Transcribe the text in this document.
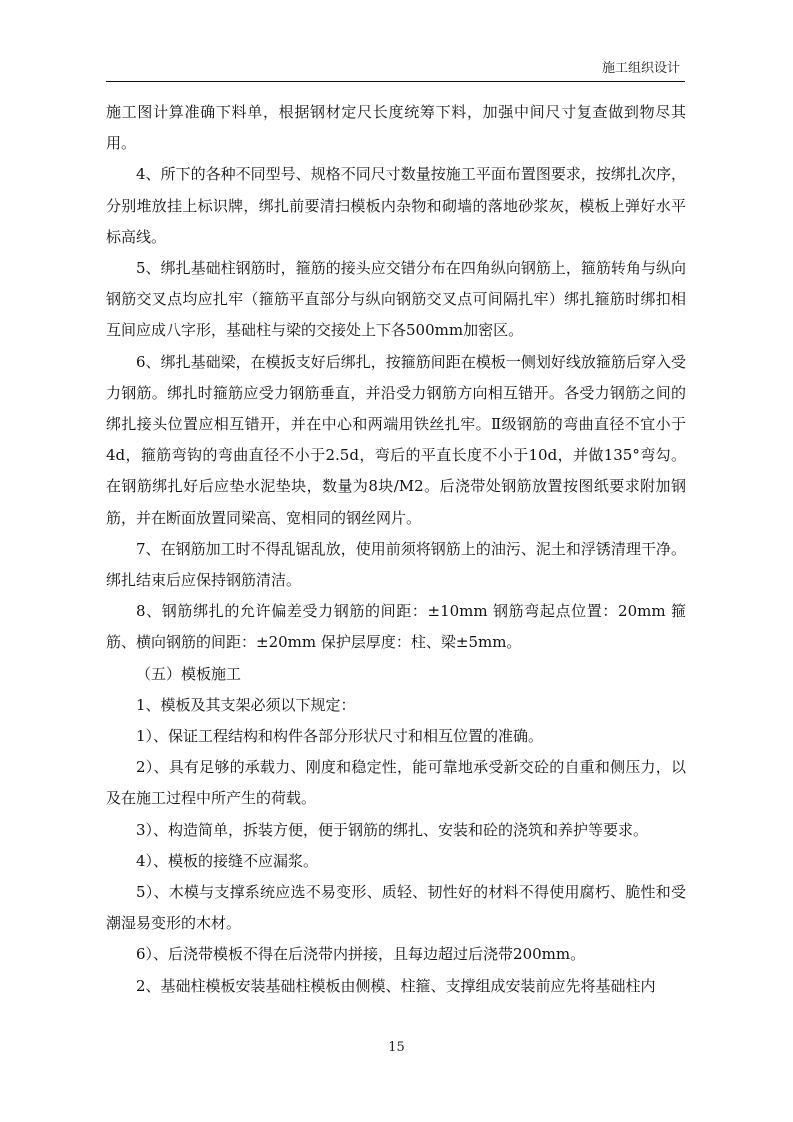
施工组织设计

施工图计算准确下料单，根据钢材定尺长度统筹下料，加强中间尺寸复查做到物尽其用。

4、所下的各种不同型号、规格不同尺寸数量按施工平面布置图要求，按绑扎次序，分别堆放挂上标识牌，绑扎前要清扫模板内杂物和砌墙的落地砂浆灰，模板上弹好水平标高线。

5、绑扎基础柱钢筋时，箍筋的接头应交错分布在四角纵向钢筋上，箍筋转角与纵向钢筋交叉点均应扎牢（箍筋平直部分与纵向钢筋交叉点可间隔扎牢）绑扎箍筋时绑扣相互间应成八字形，基础柱与梁的交接处上下各500mm加密区。

6、绑扎基础梁，在模扳支好后绑扎，按箍筋间距在模板一侧划好线放箍筋后穿入受力钢筋。绑扎时箍筋应受力钢筋垂直，并沿受力钢筋方向相互错开。各受力钢筋之间的绑扎接头位置应相互错开，并在中心和两端用铁丝扎牢。Ⅱ级钢筋的弯曲直径不宜小于4d，箍筋弯钩的弯曲直径不小于2.5d，弯后的平直长度不小于10d，并做135°弯勾。在钢筋绑扎好后应垫水泥垫块，数量为8块/M2。后浇带处钢筋放置按图纸要求附加钢筋，并在断面放置同梁高、宽相同的钢丝网片。

7、在钢筋加工时不得乱锯乱放，使用前须将钢筋上的油污、泥土和浮锈清理干净。绑扎结束后应保持钢筋清洁。

8、钢筋绑扎的允许偏差受力钢筋的间距：±10mm 钢筋弯起点位置：20mm 箍筋、横向钢筋的间距：±20mm 保护层厚度：柱、梁±5mm。

（五）模板施工

1、模板及其支架必须以下规定：

1）、保证工程结构和构件各部分形状尺寸和相互位置的准确。

2）、具有足够的承载力、刚度和稳定性，能可靠地承受新交砼的自重和侧压力，以及在施工过程中所产生的荷载。

3）、构造简单，拆装方便，便于钢筋的绑扎、安装和砼的浇筑和养护等要求。

4）、模板的接缝不应漏浆。

5）、木模与支撑系统应选不易变形、质轻、韧性好的材料不得使用腐朽、脆性和受潮湿易变形的木材。

6）、后浇带模板不得在后浇带内拼接，且每边超过后浇带200mm。

2、基础柱模板安装基础柱模板由侧模、柱箍、支撑组成安装前应先将基础柱内

15
